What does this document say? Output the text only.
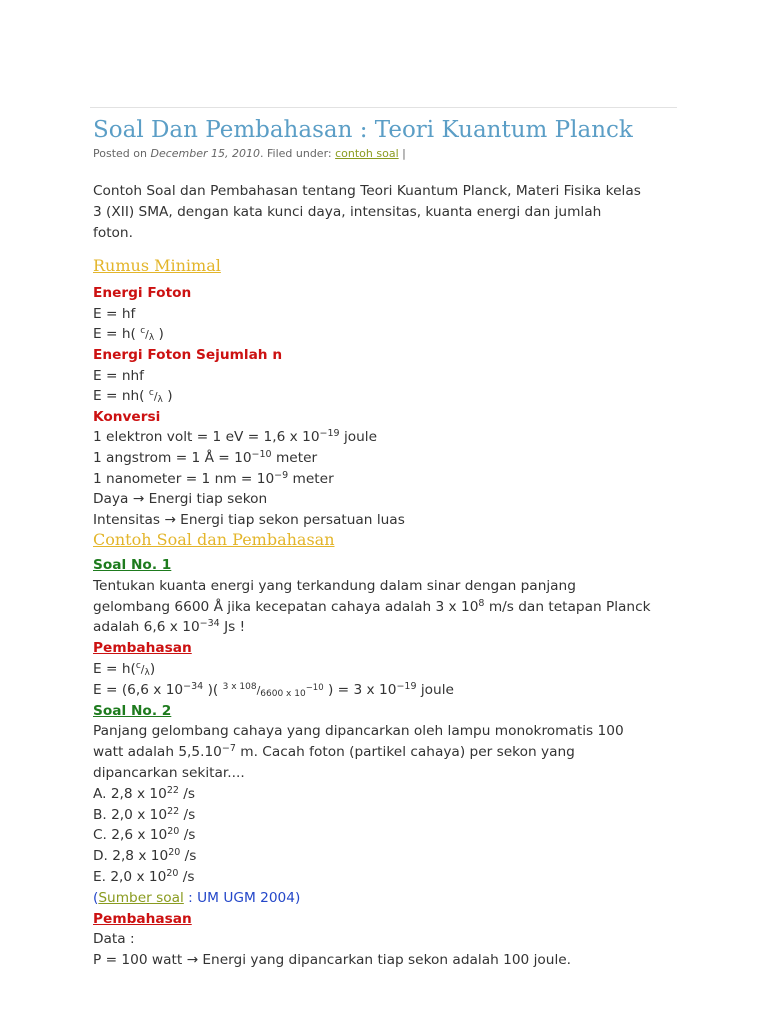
Soal Dan Pembahasan : Teori Kuantum Planck
Posted on December 15, 2010. Filed under: contoh soal |
Contoh Soal dan Pembahasan tentang Teori Kuantum Planck, Materi Fisika kelas
3 (XII) SMA, dengan kata kunci daya, intensitas, kuanta energi dan jumlah
foton.
Rumus Minimal
Energi Foton
E = hf
E = h( $^c$/λ )
Energi Foton Sejumlah n
E = nhf
E = nh( $^c$/λ )
Konversi
1 elektron volt = 1 eV = 1,6 x $10^{-19}$ joule
1 angstrom = 1 Å = $10^{-10}$ meter
1 nanometer = 1 nm = $10^{-9}$ meter
Daya → Energi tiap sekon
Intensitas → Energi tiap sekon persatuan luas
Contoh Soal dan Pembahasan
Soal No. 1
Tentukan kuanta energi yang terkandung dalam sinar dengan panjang
gelombang 6600 Å jika kecepatan cahaya adalah 3 x $10^8$ m/s dan tetapan Planck
adalah 6,6 x $10^{-34}$ Js !
Pembahasan
E = h($^c$/λ)
E = (6,6 x $10^{-34}$ )( $^{3 x 108}$/6600 x 10−10 ) = 3 x $10^{-19}$ joule
Soal No. 2
Panjang gelombang cahaya yang dipancarkan oleh lampu monokromatis 100
watt adalah $5,5.10^{-7}$ m. Cacah foton (partikel cahaya) per sekon yang
dipancarkan sekitar....
A. 2,8 x $10^{22}$ /s
B. 2,0 x $10^{22}$ /s
C. 2,6 x $10^{20}$ /s
D. 2,8 x $10^{20}$ /s
E. 2,0 x $10^{20}$ /s
(Sumber soal : UM UGM 2004)
Pembahasan
Data :
P = 100 watt → Energi yang dipancarkan tiap sekon adalah 100 joule.
